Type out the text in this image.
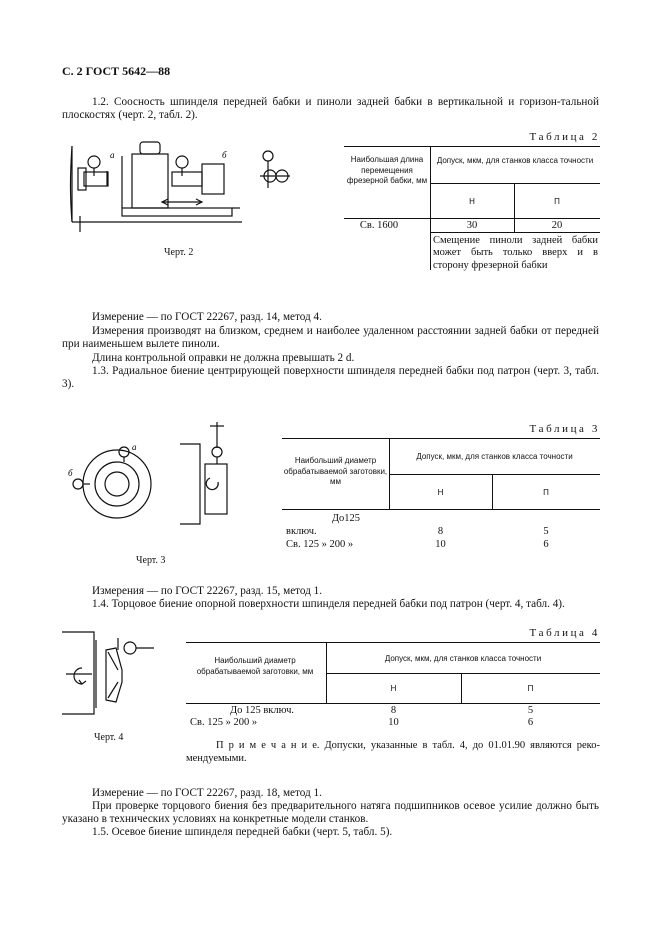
С. 2 ГОСТ 5642—88
1.2. Соосность шпинделя передней бабки и пиноли задней бабки в вертикальной и горизон-тальной плоскостях (черт. 2, табл. 2).
a	б
Таблица 2
Наибольшая длина перемещения фрезерной бабки, мм
Допуск, мкм, для станков класса точности
Н	П
Св. 1600	30	20
Смещение пиноли задней бабки может быть только вверх и в сторону фрезерной бабки
Черт. 2
Измерение — по ГОСТ 22267, разд. 14, метод 4.
Измерения производят на близком, среднем и наиболее удаленном расстоянии задней бабки от передней при наименьшем вылете пиноли.
Длина контрольной оправки не должна превышать 2 d.
1.3. Радиальное биение центрирующей поверхности шпинделя передней бабки под патрон (черт. 3, табл. 3).
a
б
Таблица 3
Наибольший диаметр обрабатываемой заготовки, мм
Допуск, мкм, для станков класса точности
Н	П
До125
включ.	8	5
Св. 125 » 200 »	10	6
Черт. 3
Измерения — по ГОСТ 22267, разд. 15, метод 1.
1.4. Торцовое биение опорной поверхности шпинделя передней бабки под патрон (черт. 4, табл. 4).
Таблица 4
Наибольший диаметр обрабатываемой заготовки, мм
Допуск, мкм, для станков класса точности
Н	П
До 125 включ.	8	5
Св. 125 » 200 »	10	6
Черт. 4
П р и м е ч а н и е. Допуски, указанные в табл. 4, до 01.01.90 являются реко-мендуемыми.
Измерение — по ГОСТ 22267, разд. 18, метод 1.
При проверке торцового биения без предварительного натяга подшипников осевое усилие должно быть указано в технических условиях на конкретные модели станков.
1.5. Осевое биение шпинделя передней бабки (черт. 5, табл. 5).
